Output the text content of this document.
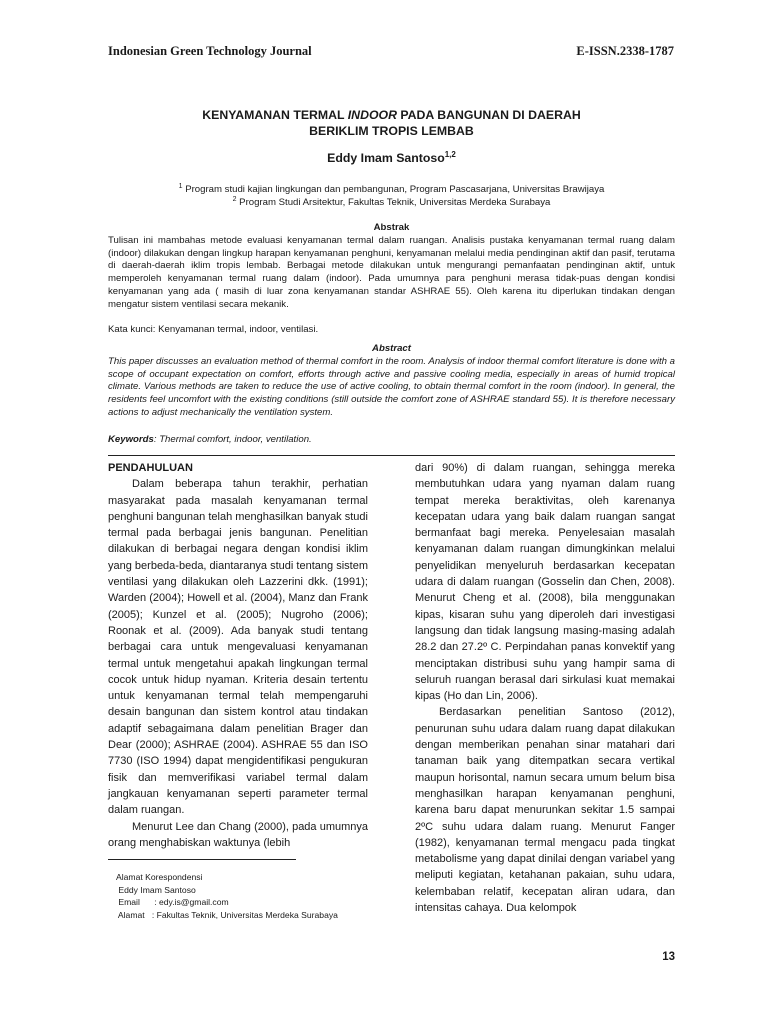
Indonesian Green Technology Journal	E-ISSN.2338-1787
KENYAMANAN TERMAL INDOOR PADA BANGUNAN DI DAERAH
BERIKLIM TROPIS LEMBAB
Eddy Imam Santoso$^{1,2}$
$^1$ Program studi kajian lingkungan dan pembangunan, Program Pascasarjana, Universitas Brawijaya
$^2$ Program Studi Arsitektur, Fakultas Teknik, Universitas Merdeka Surabaya
Abstrak
Tulisan ini mambahas metode evaluasi kenyamanan termal dalam ruangan. Analisis pustaka kenyamanan termal ruang dalam (indoor) dilakukan dengan lingkup harapan kenyamanan penghuni, kenyamanan melalui media pendinginan aktif dan pasif, terutama di daerah-daerah iklim tropis lembab. Berbagai metode dilakukan untuk mengurangi pemanfaatan pendinginan aktif, untuk memperoleh kenyamanan termal ruang dalam (indoor). Pada umumnya para penghuni merasa tidak-puas dengan kondisi kenyamanan yang ada ( masih di luar zona kenyamanan standar ASHRAE 55). Oleh karena itu diperlukan tindakan dengan mengatur sistem ventilasi secara mekanik.
Kata kunci: Kenyamanan termal, indoor, ventilasi.
Abstract
This paper discusses an evaluation method of thermal comfort in the room. Analysis of indoor thermal comfort literature is done with a scope of occupant expectation on comfort, efforts through active and passive cooling media, especially in areas of humid tropical climate. Various methods are taken to reduce the use of active cooling, to obtain thermal comfort in the room (indoor). In general, the residents feel uncomfort with the existing conditions (still outside the comfort zone of ASHRAE standard 55). It is therefore necessary actions to adjust mechanically the ventilation system.
Keywords: Thermal comfort, indoor, ventilation.

PENDAHULUAN

Dalam beberapa tahun terakhir, perhatian masyarakat pada masalah kenyamanan termal penghuni bangunan telah menghasilkan banyak studi termal pada berbagai jenis bangunan. Penelitian dilakukan di berbagai negara dengan kondisi iklim yang berbeda-beda, diantaranya studi tentang sistem ventilasi yang dilakukan oleh Lazzerini dkk. (1991); Warden (2004); Howell et al. (2004), Manz dan Frank (2005); Kunzel et al. (2005); Nugroho (2006); Roonak et al. (2009). Ada banyak studi tentang berbagai cara untuk mengevaluasi kenyamanan termal untuk mengetahui apakah lingkungan termal cocok untuk hidup nyaman. Kriteria desain tertentu untuk kenyamanan termal telah mempengaruhi desain bangunan dan sistem kontrol atau tindakan adaptif sebagaimana dalam penelitian Brager dan Dear (2000); ASHRAE (2004). ASHRAE 55 dan ISO 7730 (ISO 1994) dapat mengidentifikasi pengukuran fisik dan memverifikasi variabel termal dalam jangkauan kenyamanan seperti parameter termal dalam ruangan.

Menurut Lee dan Chang (2000), pada umumnya orang menghabiskan waktunya (lebih

dari 90%) di dalam ruangan, sehingga mereka membutuhkan udara yang nyaman dalam ruang tempat mereka beraktivitas, oleh karenanya kecepatan udara yang baik dalam ruangan sangat bermanfaat bagi mereka. Penyelesaian masalah kenyamanan dalam ruangan dimungkinkan melalui penyelidikan menyeluruh berdasarkan kecepatan udara di dalam ruangan (Gosselin dan Chen, 2008). Menurut Cheng et al. (2008), bila menggunakan kipas, kisaran suhu yang diperoleh dari investigasi langsung dan tidak langsung masing-masing adalah 28.2 dan 27.2º C. Perpindahan panas konvektif yang menciptakan distribusi suhu yang hampir sama di seluruh ruangan berasal dari sirkulasi kuat memakai kipas (Ho dan Lin, 2006).

Berdasarkan penelitian Santoso (2012), penurunan suhu udara dalam ruang dapat dilakukan dengan memberikan penahan sinar matahari dari tanaman baik yang ditempatkan secara vertikal maupun horisontal, namun secara umum belum bisa menghasilkan harapan kenyamanan penghuni, karena baru dapat menurunkan sekitar 1.5 sampai 2ºC suhu udara dalam ruang. Menurut Fanger (1982), kenyamanan termal mengacu pada tingkat metabolisme yang dapat dinilai dengan variabel yang meliputi kegiatan, ketahanan pakaian, suhu udara, kelembaban relatif, kecepatan aliran udara, dan intensitas cahaya. Dua kelompok

Alamat Korespondensi
Eddy Imam Santoso
Email      : edy.is@gmail.com
Alamat   : Fakultas Teknik, Universitas Merdeka Surabaya
13
